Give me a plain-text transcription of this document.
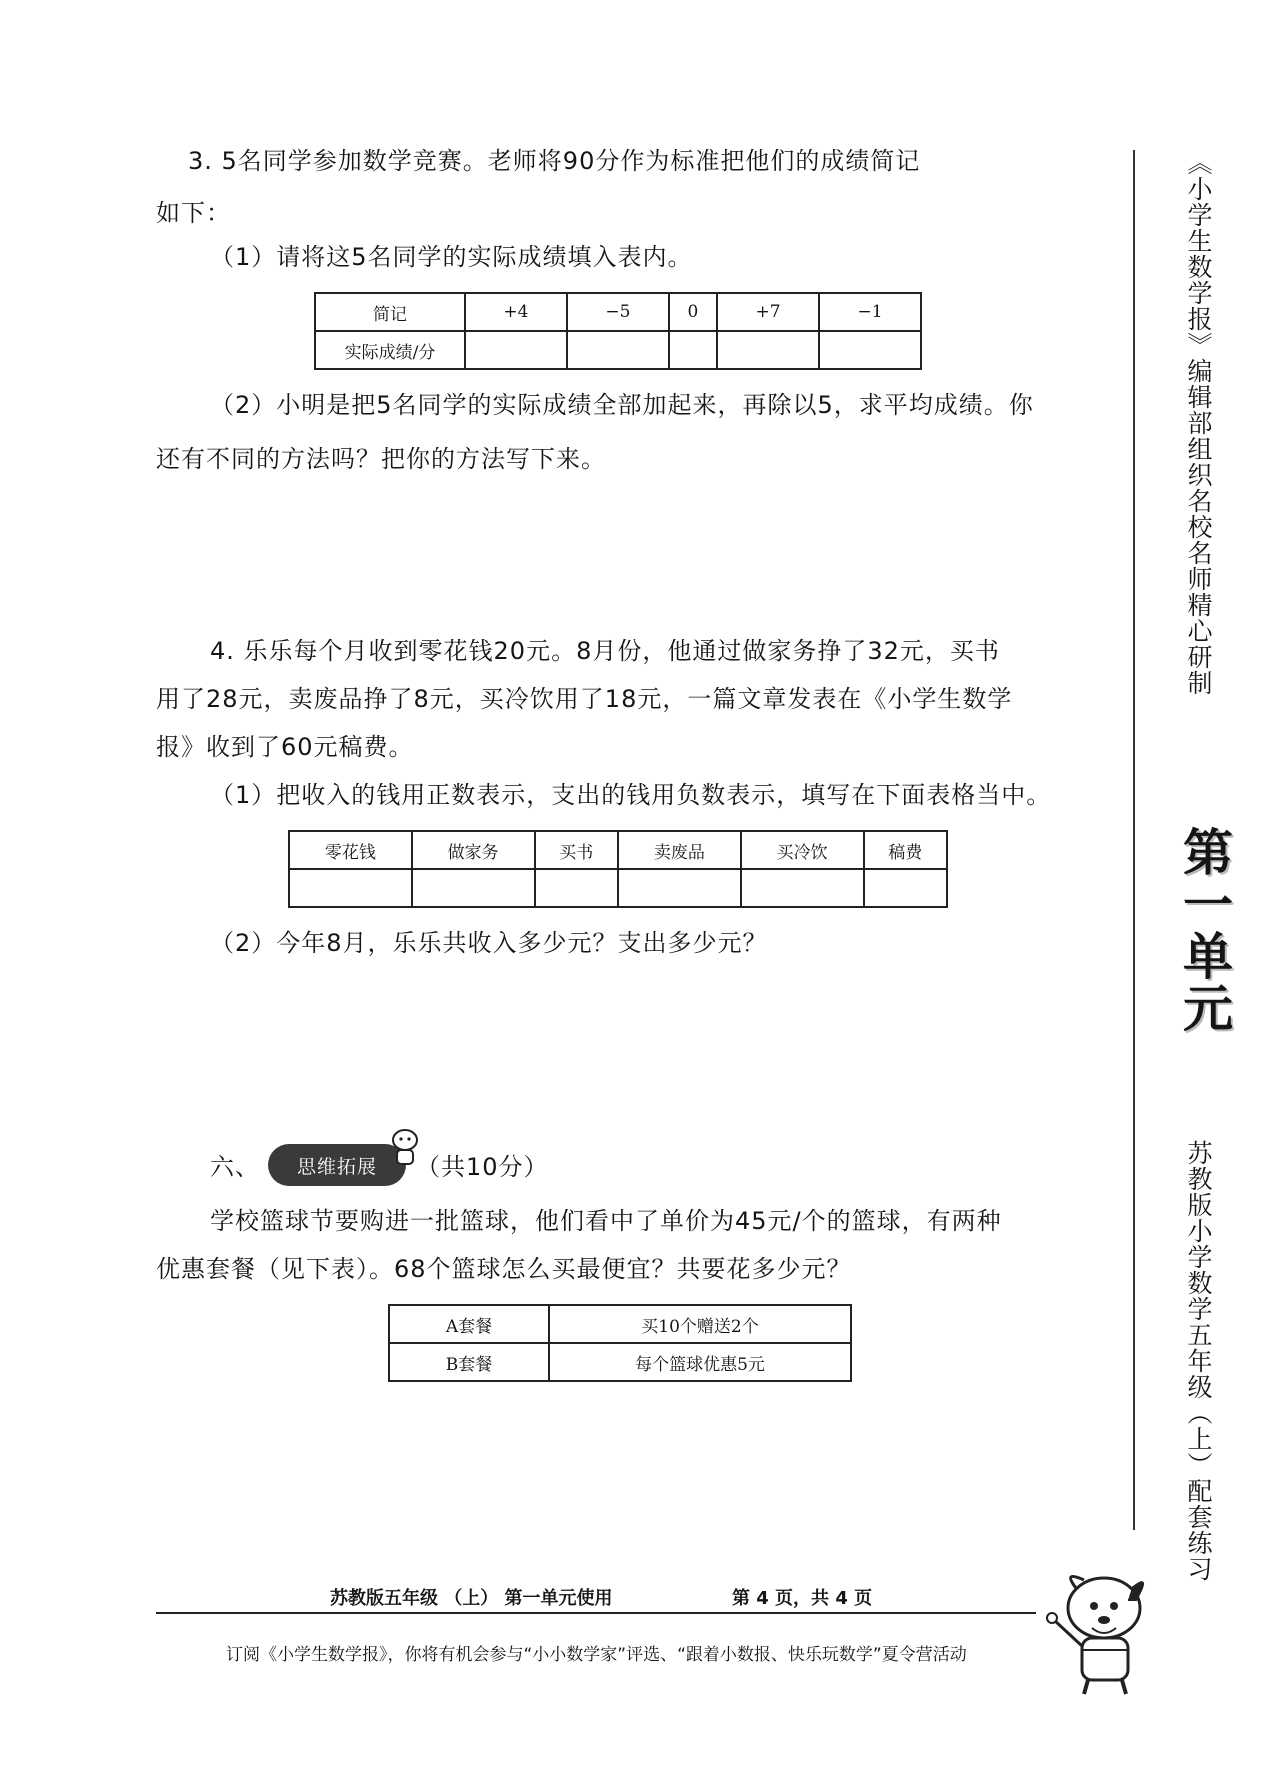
3. 5名同学参加数学竞赛。老师将90分作为标准把他们的成绩简记
如下：
（1）请将这5名同学的实际成绩填入表内。
简记	+4	−5	0	+7	−1
实际成绩/分					
（2）小明是把5名同学的实际成绩全部加起来，再除以5，求平均成绩。你
还有不同的方法吗？把你的方法写下来。
4. 乐乐每个月收到零花钱20元。8月份，他通过做家务挣了32元，买书
用了28元，卖废品挣了8元，买冷饮用了18元，一篇文章发表在《小学生数学
报》收到了60元稿费。
（1）把收入的钱用正数表示，支出的钱用负数表示，填写在下面表格当中。
零花钱	做家务	买书	卖废品	买冷饮	稿费

（2）今年8月，乐乐共收入多少元？支出多少元？
六、 思维拓展 （共10分）
学校篮球节要购进一批篮球，他们看中了单价为45元/个的篮球，有两种
优惠套餐（见下表）。68个篮球怎么买最便宜？共要花多少元？
A套餐	买10个赠送2个
B套餐	每个篮球优惠5元
《小学生数学报》编辑部组织名校名师精心研制
第一单元
苏教版小学数学五年级（上）配套练习
苏教版五年级 （上） 第一单元使用	第 4 页，共 4 页
订阅《小学生数学报》，你将有机会参与“小小数学家”评选、“跟着小数报、快乐玩数学”夏令营活动
